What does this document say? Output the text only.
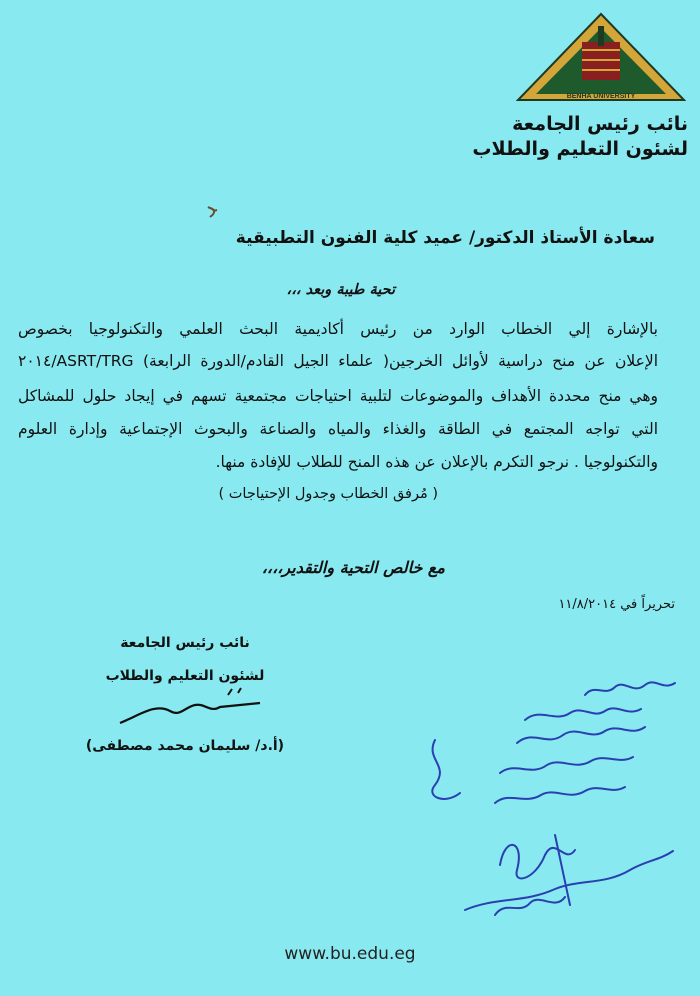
BENHA UNIVERSITY
نائب رئيس الجامعة
لشئون التعليم والطلاب
سعادة الأستاذ الدكتور/ عميد كلية الفنون التطبيقية
تحية طيبة وبعد ،،،
بالإشارة إلي الخطاب الوارد من رئيس أكاديمية البحث العلمي والتكنولوجيا بخصوص
الإعلان عن منح دراسية لأوائل الخرجين( علماء الجيل القادم/الدورة الرابعة) ASRT/TRG/٢٠١٤
وهي منح محددة الأهداف والموضوعات لتلبية احتياجات مجتمعية تسهم في إيجاد حلول للمشاكل
التي تواجه المجتمع في الطاقة والغذاء والمياه والصناعة والبحوث الإجتماعية وإدارة العلوم
والتكنولوجيا . نرجو التكرم بالإعلان عن هذه المنح للطلاب للإفادة منها.
( مُرفق الخطاب وجدول الإحتياجات )
مع خالص التحية والتقدير،،،،
تحريراً في ١١/٨/٢٠١٤
نائب رئيس الجامعة
لشئون التعليم والطلاب
(أ.د/ سليمان محمد مصطفى)
www.bu.edu.eg
